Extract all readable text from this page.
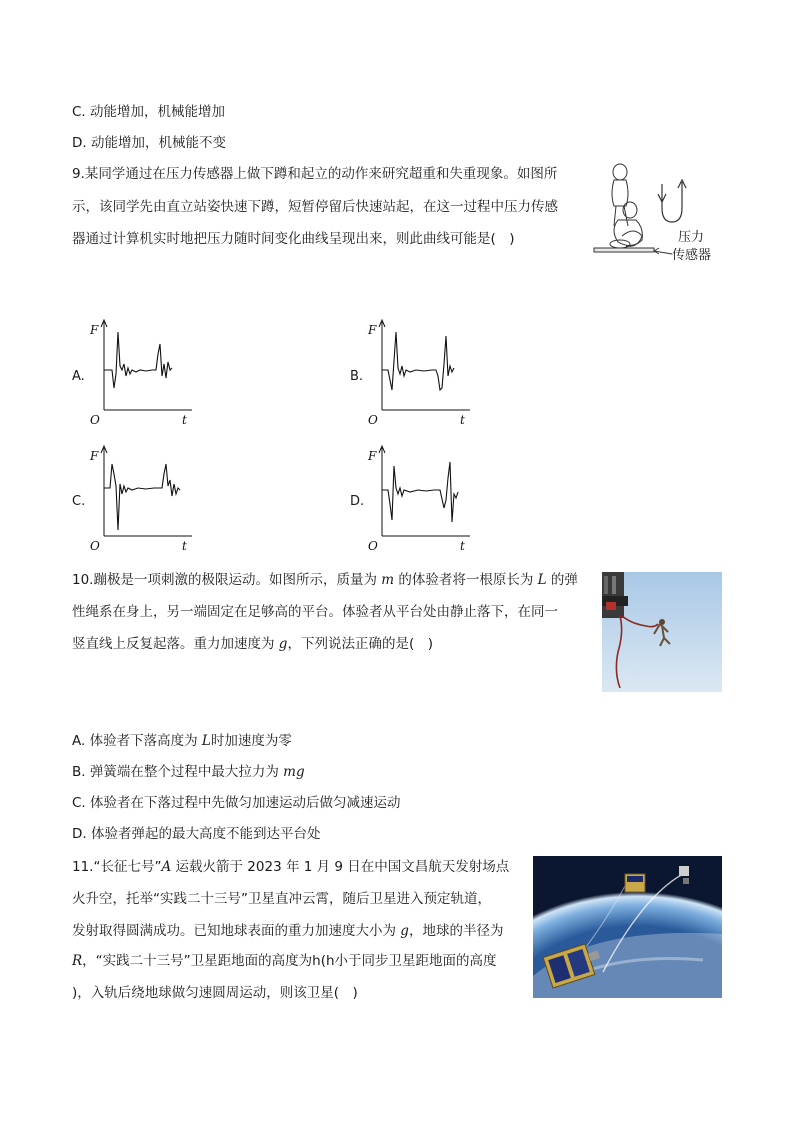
C. 动能增加，机械能增加
D. 动能增加，机械能不变
9.某同学通过在压力传感器上做下蹲和起立的动作来研究超重和失重现象。如图所
示，该同学先由直立站姿快速下蹲，短暂停留后快速站起，在这一过程中压力传感
器通过计算机实时地把压力随时间变化曲线呈现出来，则此曲线可能是(　)	压力
传感器
A.
F
t
O
B.
F
t
O
C.
F
t
O
D.
F
t
O
10.蹦极是一项刺激的极限运动。如图所示，质量为 m 的体验者将一根原长为 L 的弹
性绳系在身上，另一端固定在足够高的平台。体验者从平台处由静止落下，在同一
竖直线上反复起落。重力加速度为 g，下列说法正确的是(　)
A. 体验者下落高度为 L时加速度为零
B. 弹簧端在整个过程中最大拉力为 mg
C. 体验者在下落过程中先做匀加速运动后做匀减速运动
D. 体验者弹起的最大高度不能到达平台处
11.“长征七号”A 运载火箭于 2023 年 1 月 9 日在中国文昌航天发射场点
火升空，托举“实践二十三号”卫星直冲云霄，随后卫星进入预定轨道，
发射取得圆满成功。已知地球表面的重力加速度大小为 g，地球的半径为
R，“实践二十三号”卫星距地面的高度为h(h小于同步卫星距地面的高度
)，入轨后绕地球做匀速圆周运动，则该卫星(　)
